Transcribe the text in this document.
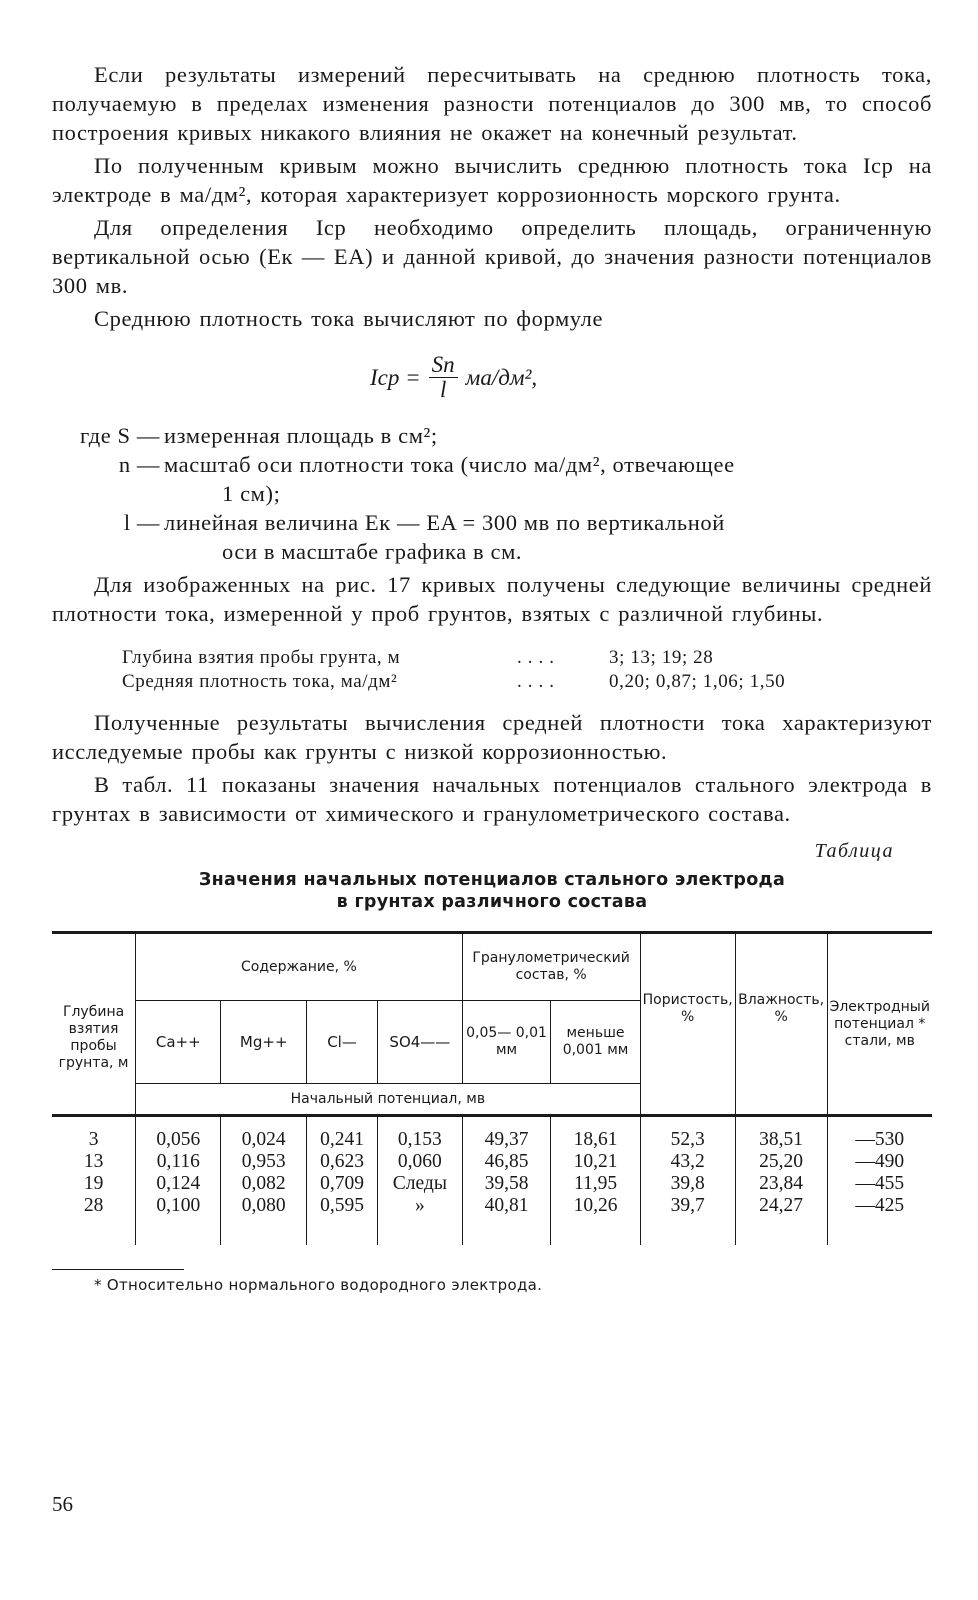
Если результаты измерений пересчитывать на среднюю плотность тока, получаемую в пределах изменения разности потенциалов до 300 мв, то способ построения кривых никакого влияния не окажет на конечный результат.

По полученным кривым можно вычислить среднюю плотность тока Iср на электроде в ма/дм², которая характеризует коррозионность морского грунта.

Для определения Iср необходимо определить площадь, ограниченную вертикальной осью (Eк — EA) и данной кривой, до значения разности потенциалов 300 мв.

Среднюю плотность тока вычисляют по формуле

Iср = $\frac{Sn}{l} ма/дм^2$,
где S — измеренная площадь в см²;
n — масштаб оси плотности тока (число ма/дм², отвечающее
1 см);
l — линейная величина Eк — EA = 300 мв по вертикальной
оси в масштабе графика в см.

Для изображенных на рис. 17 кривых получены следующие величины средней плотности тока, измеренной у проб грунтов, взятых с различной глубины.

Глубина взятия пробы грунта, м	....	3; 13; 19; 28
Средняя плотность тока, ма/дм²	....	0,20; 0,87; 1,06; 1,50

Полученные результаты вычисления средней плотности тока характеризуют исследуемые пробы как грунты с низкой коррозионностью.

В табл. 11 показаны значения начальных потенциалов стального электрода в грунтах в зависимости от химического и гранулометрического состава.

Таблица
Значения начальных потенциалов стального электрода
в грунтах различного состава
Глубина взятия пробы грунта, м	Содержание, %				Гранулометрический состав, %		Пористость, %	Влажность, %	Электродный потенциал * стали, мв
	Ca++	Mg++	Cl—	SO4——	0,05— 0,01 мм	меньше 0,001 мм			
	Начальный потенциал, мв								
3	0,056	0,024	0,241	0,153	49,37	18,61	52,3	38,51	—530
13	0,116	0,953	0,623	0,060	46,85	10,21	43,2	25,20	—490
19	0,124	0,082	0,709	Следы	39,58	11,95	39,8	23,84	—455
28	0,100	0,080	0,595	»	40,81	10,26	39,7	24,27	—425
* Относительно нормального водородного электрода.
56
